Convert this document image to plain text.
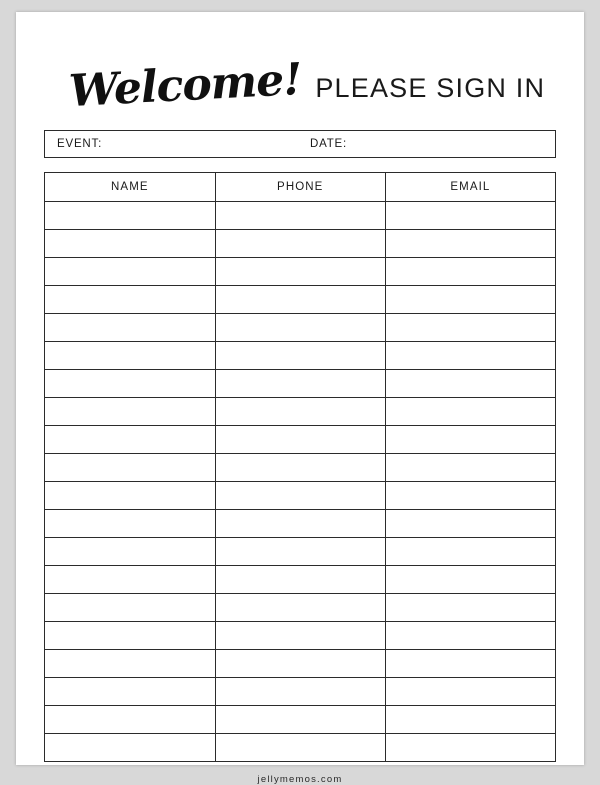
Welcome! PLEASE SIGN IN
EVENT:	DATE:
NAME	PHONE	EMAIL

jellymemos.com
